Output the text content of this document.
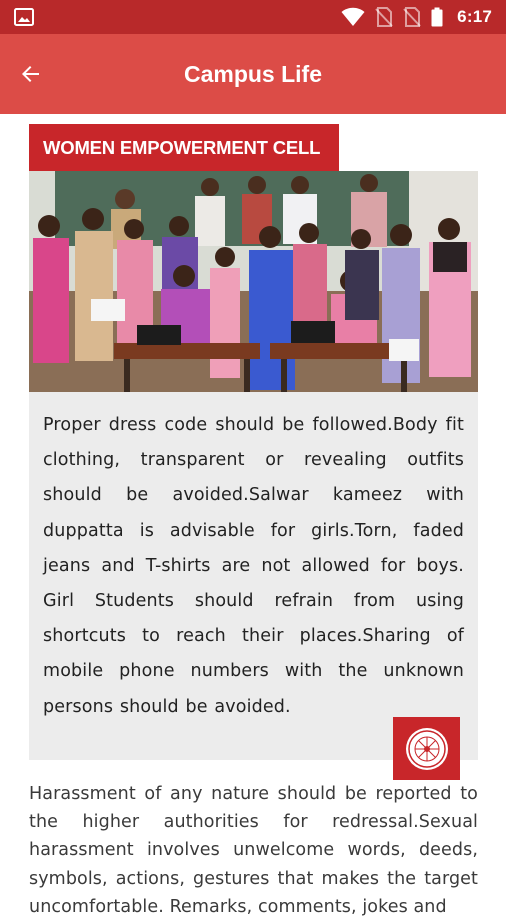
6:17
Campus Life
WOMEN EMPOWERMENT CELL

Proper dress code should be followed.Body fit clothing, transparent or revealing outfits should be avoided.Salwar kameez with duppatta is advisable for girls.Torn, faded jeans and T-shirts are not allowed for boys. Girl Students should refrain from using shortcuts to reach their places.Sharing of mobile phone numbers with the unknown persons should be avoided.

Harassment of any nature should be reported to the higher authorities for redressal.Sexual harassment involves unwelcome words, deeds, symbols, actions, gestures that makes the target uncomfortable. Remarks, comments, jokes and
